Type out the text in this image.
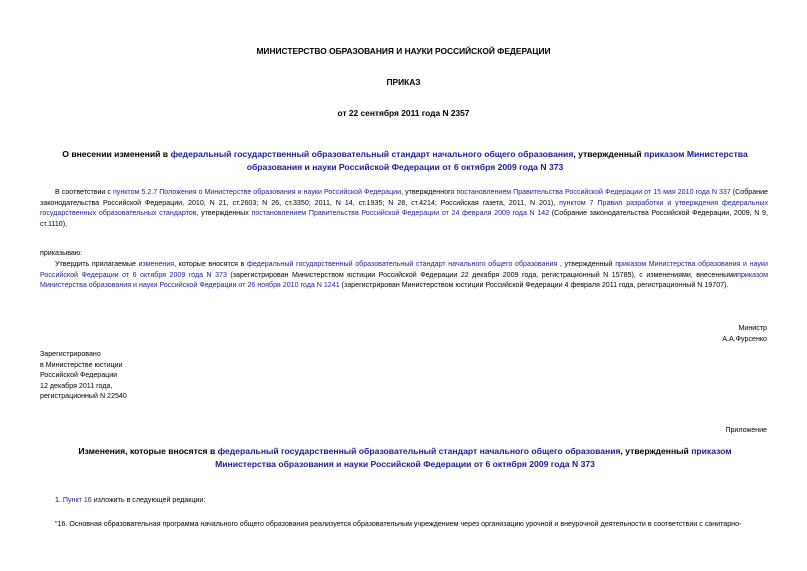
МИНИСТЕРСТВО ОБРАЗОВАНИЯ И НАУКИ РОССИЙСКОЙ ФЕДЕРАЦИИ
ПРИКАЗ
от 22 сентября 2011 года N 2357
О внесении изменений в федеральный государственный образовательный стандарт начального общего образования, утвержденный приказом Министерства образования и науки Российской Федерации от 6 октября 2009 года N 373
В соответствии с пунктом 5.2.7 Положения о Министерстве образования и науки Российской Федерации, утвержденного постановлением Правительства Российской Федерации от 15 мая 2010 года N 337 (Собрание законодательства Российской Федерации, 2010, N 21, ст.2603; N 26, ст.3350; 2011, N 14, ст.1935; N 28, ст.4214; Российская газета, 2011, N 201), пунктом 7 Правил разработки и утверждения федеральных государственных образовательных стандартов, утвержденных постановлением Правительства Российской Федерации от 24 февраля 2009 года N 142 (Собрание законодательства Российской Федерации, 2009, N 9, ст.1110),
приказываю:
Утвердить прилагаемые изменения, которые вносятся в федеральный государственный образовательный стандарт начального общего образования , утвержденный приказом Министерства образования и науки Российской Федерации от 6 октября 2009 года N 373 (зарегистрирован Министерством юстиции Российской Федерации 22 декабря 2009 года, регистрационный N 15785), с изменениями, внесеннымиприказом Министерства образования и науки Российской Федерации от 26 ноября 2010 года N 1241 (зарегистрирован Министерством юстиции Российской Федерации 4 февраля 2011 года, регистрационный N 19707).
Министр
А.А.Фурсенко
Зарегистрировано
в Министерстве юстиции
Российской Федерации
12 декабря 2011 года,
регистрационный N 22540
Приложение
Изменения, которые вносятся в федеральный государственный образовательный стандарт начального общего образования, утвержденный приказом Министерства образования и науки Российской Федерации от 6 октября 2009 года N 373
1. Пункт 16 изложить в следующей редакции:
"16. Основная образовательная программа начального общего образования реализуется образовательным учреждением через организацию урочной и внеурочной деятельности в соответствии с санитарно-
